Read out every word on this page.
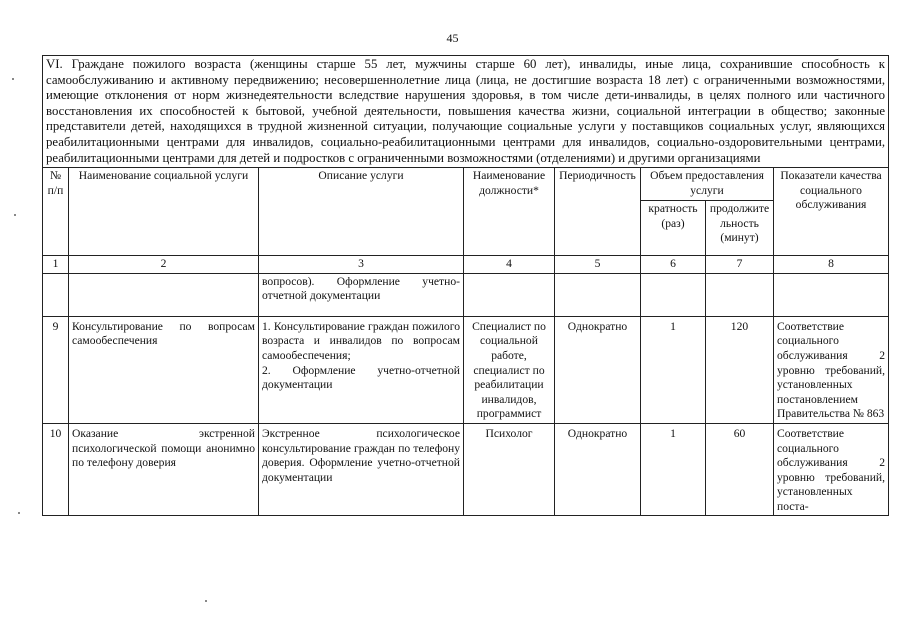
45
VI. Граждане пожилого возраста (женщины старше 55 лет, мужчины старше 60 лет), инвалиды, иные лица, сохранившие способность к самообслуживанию и активному передвижению; несовершеннолетние лица (лица, не достигшие возраста 18 лет) с ограниченными возможностями, имеющие отклонения от норм жизнедеятельности вследствие нарушения здоровья, в том числе дети-инвалиды, в целях полного или частичного восстановления их способностей к бытовой, учебной деятельности, повышения качества жизни, социальной интеграции в общество; законные представители детей, находящихся в трудной жизненной ситуации, получающие социальные услуги у поставщиков социальных услуг, являющихся реабилитационными центрами для инвалидов, социально-реабилитационными центрами для инвалидов, социально-оздоровительными центрами, реабилитационными центрами для детей и подростков с ограниченными возможностями (отделениями) и другими организациями							
№ п/п	Наименование социальной услуги	Описание услуги	Наименование должности*	Периодичность	Объем предоставления услуги		Показатели качества социального обслуживания
					кратность (раз)	продолжительность (минут)	
1	2	3	4	5	6	7	8
		вопросов). Оформление учетно-отчетной документации					
9	Консультирование по вопросам самообеспечения	1. Консультирование граждан пожилого возраста и инвалидов по вопросам самообеспечения;
2. Оформление учетно-отчетной документации	Специалист по социальной работе, специалист по реабилитации инвалидов, программист	Однократно	1	120	Соответствие социального обслуживания 2 уровню требований, установленных постановлением Правительства № 863
10	Оказание экстренной психологической помощи анонимно по телефону доверия	Экстренное психологическое консультирование граждан по телефону доверия. Оформление учетно-отчетной документации	Психолог	Однократно	1	60	Соответствие социального обслуживания 2 уровню требований, установленных поста-
